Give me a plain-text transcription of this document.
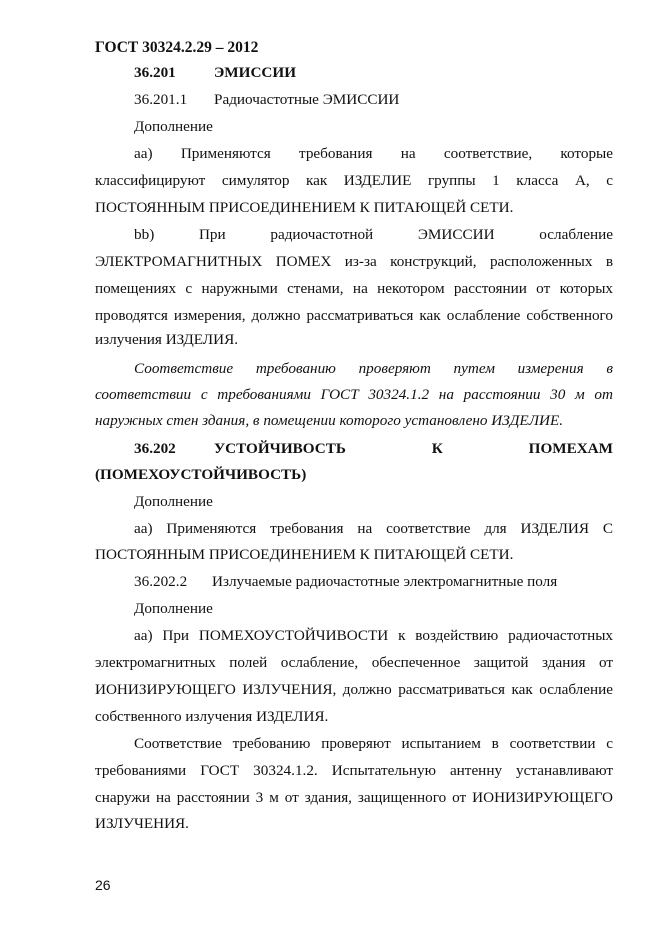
ГОСТ 30324.2.29 – 2012
36.201	ЭМИССИИ
36.201.1 Радиочастотные ЭМИССИИ
Дополнение
аа) Применяются требования на соответствие, которые
классифицируют симулятор как ИЗДЕЛИЕ группы 1 класса А, с
ПОСТОЯННЫМ ПРИСОЕДИНЕНИЕМ К ПИТАЮЩЕЙ СЕТИ.
bb) При радиочастотной ЭМИССИИ ослабление
ЭЛЕКТРОМАГНИТНЫХ ПОМЕХ из-за конструкций, расположенных в
помещениях с наружными стенами, на некотором расстоянии от которых
проводятся измерения, должно рассматриваться как ослабление собственного
излучения ИЗДЕЛИЯ.
Соответствие требованию проверяют путем измерения в
соответствии с требованиями ГОСТ 30324.1.2 на расстоянии 30 м от
наружных стен здания, в помещении которого установлено ИЗДЕЛИЕ.
36.202	УСТОЙЧИВОСТЬ К ПОМЕХАМ
(ПОМЕХОУСТОЙЧИВОСТЬ)
Дополнение
аа) Применяются требования на соответствие для ИЗДЕЛИЯ С
ПОСТОЯННЫМ ПРИСОЕДИНЕНИЕМ К ПИТАЮЩЕЙ СЕТИ.
36.202.2 Излучаемые радиочастотные электромагнитные поля
Дополнение
аа) При ПОМЕХОУСТОЙЧИВОСТИ к воздействию радиочастотных
электромагнитных полей ослабление, обеспеченное защитой здания от
ИОНИЗИРУЮЩЕГО ИЗЛУЧЕНИЯ, должно рассматриваться как ослабление
собственного излучения ИЗДЕЛИЯ.
Соответствие требованию проверяют испытанием в соответствии с
требованиями ГОСТ 30324.1.2. Испытательную антенну устанавливают
снаружи на расстоянии 3 м от здания, защищенного от ИОНИЗИРУЮЩЕГО
ИЗЛУЧЕНИЯ.
26
